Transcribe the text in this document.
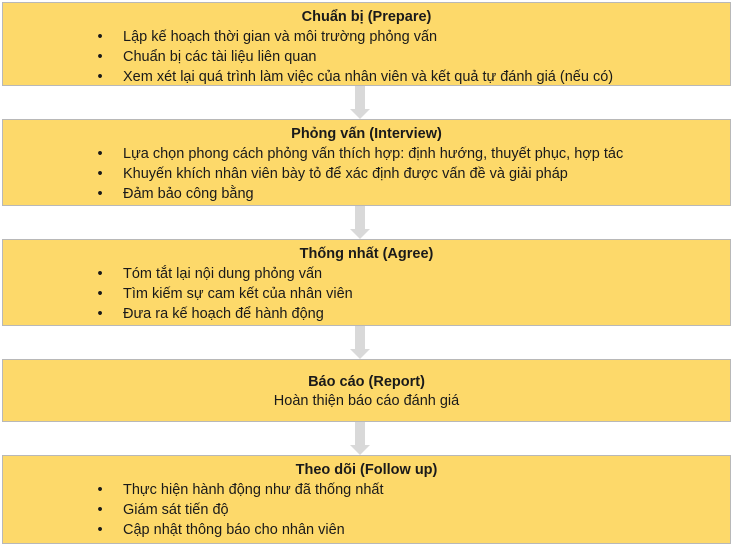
Chuẩn bị (Prepare)
• Lập kế hoạch thời gian và môi trường phỏng vấn
• Chuẩn bị các tài liệu liên quan
• Xem xét lại quá trình làm việc của nhân viên và kết quả tự đánh giá (nếu có)
Phỏng vấn (Interview)
• Lựa chọn phong cách phỏng vấn thích hợp: định hướng, thuyết phục, hợp tác
• Khuyến khích nhân viên bày tỏ để xác định được vấn đề và giải pháp
• Đảm bảo công bằng
Thống nhất (Agree)
• Tóm tắt lại nội dung phỏng vấn
• Tìm kiếm sự cam kết của nhân viên
• Đưa ra kế hoạch để hành động
Báo cáo (Report)
Hoàn thiện báo cáo đánh giá
Theo dõi (Follow up)
• Thực hiện hành động như đã thống nhất
• Giám sát tiến độ
• Cập nhật thông báo cho nhân viên
